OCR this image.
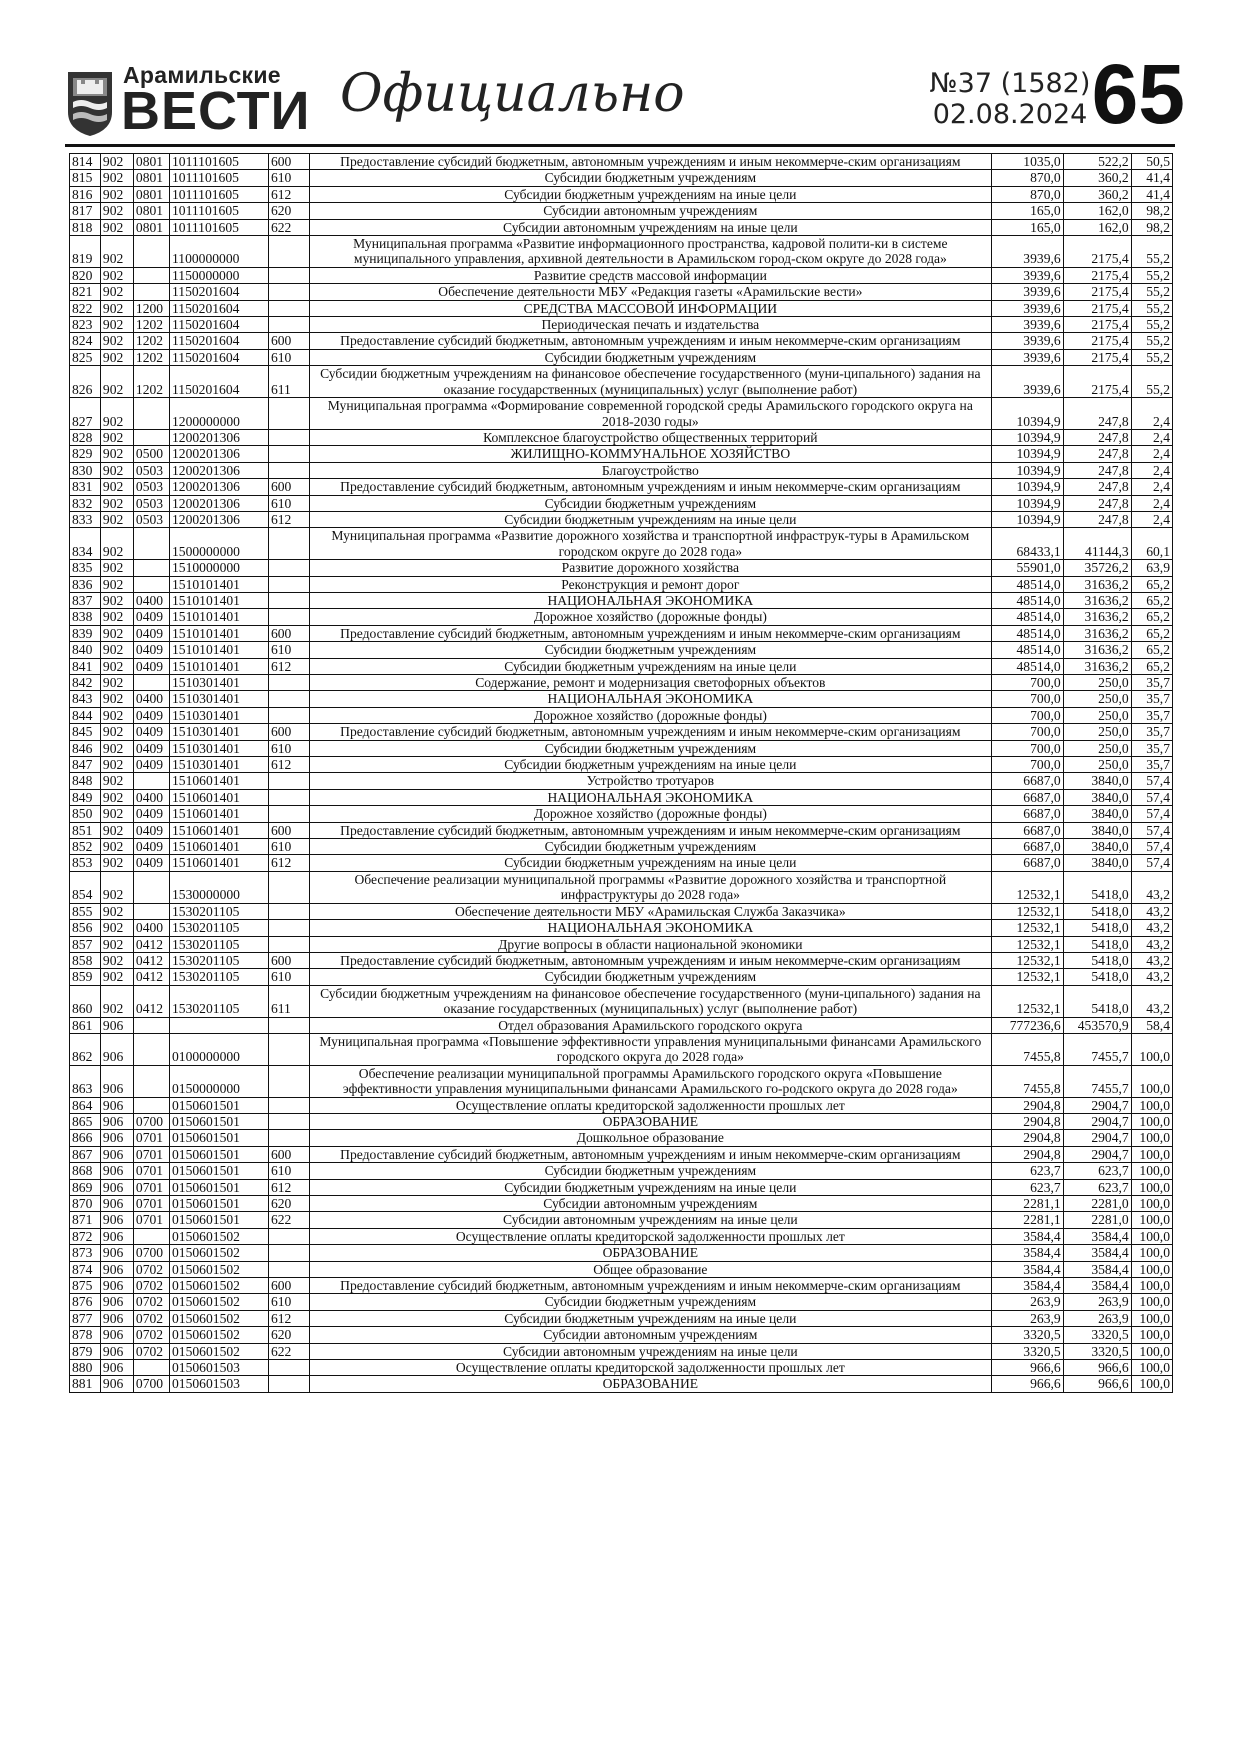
Арамильские
ВЕСТИ Официально	№37 (1582)
02.08.2024 65
814	902	0801	1011101605	600	Предоставление субсидий бюджетным, автономным учреждениям и иным некоммерче-ским организациям	1035,0	522,2	50,5
815	902	0801	1011101605	610	Субсидии бюджетным учреждениям	870,0	360,2	41,4
816	902	0801	1011101605	612	Субсидии бюджетным учреждениям на иные цели	870,0	360,2	41,4
817	902	0801	1011101605	620	Субсидии автономным учреждениям	165,0	162,0	98,2
818	902	0801	1011101605	622	Субсидии автономным учреждениям на иные цели	165,0	162,0	98,2
819	902		1100000000		Муниципальная программа «Развитие информационного пространства, кадровой полити-ки в системе муниципального управления, архивной деятельности в Арамильском город-ском округе до 2028 года»	3939,6	2175,4	55,2
820	902		1150000000		Развитие средств массовой информации	3939,6	2175,4	55,2
821	902		1150201604		Обеспечение деятельности МБУ «Редакция газеты «Арамильские вести»	3939,6	2175,4	55,2
822	902	1200	1150201604		СРЕДСТВА МАССОВОЙ ИНФОРМАЦИИ	3939,6	2175,4	55,2
823	902	1202	1150201604		Периодическая печать и издательства	3939,6	2175,4	55,2
824	902	1202	1150201604	600	Предоставление субсидий бюджетным, автономным учреждениям и иным некоммерче-ским организациям	3939,6	2175,4	55,2
825	902	1202	1150201604	610	Субсидии бюджетным учреждениям	3939,6	2175,4	55,2
826	902	1202	1150201604	611	Субсидии бюджетным учреждениям на финансовое обеспечение государственного (муни-ципального) задания на оказание государственных (муниципальных) услуг (выполнение работ)	3939,6	2175,4	55,2
827	902		1200000000		Муниципальная программа «Формирование современной городской среды Арамильского городского округа на 2018-2030 годы»	10394,9	247,8	2,4
828	902		1200201306		Комплексное благоустройство общественных территорий	10394,9	247,8	2,4
829	902	0500	1200201306		ЖИЛИЩНО-КОММУНАЛЬНОЕ ХОЗЯЙСТВО	10394,9	247,8	2,4
830	902	0503	1200201306		Благоустройство	10394,9	247,8	2,4
831	902	0503	1200201306	600	Предоставление субсидий бюджетным, автономным учреждениям и иным некоммерче-ским организациям	10394,9	247,8	2,4
832	902	0503	1200201306	610	Субсидии бюджетным учреждениям	10394,9	247,8	2,4
833	902	0503	1200201306	612	Субсидии бюджетным учреждениям на иные цели	10394,9	247,8	2,4
834	902		1500000000		Муниципальная программа «Развитие дорожного хозяйства и транспортной инфраструк-туры в Арамильском городском округе до 2028 года»	68433,1	41144,3	60,1
835	902		1510000000		Развитие дорожного хозяйства	55901,0	35726,2	63,9
836	902		1510101401		Реконструкция и ремонт дорог	48514,0	31636,2	65,2
837	902	0400	1510101401		НАЦИОНАЛЬНАЯ ЭКОНОМИКА	48514,0	31636,2	65,2
838	902	0409	1510101401		Дорожное хозяйство (дорожные фонды)	48514,0	31636,2	65,2
839	902	0409	1510101401	600	Предоставление субсидий бюджетным, автономным учреждениям и иным некоммерче-ским организациям	48514,0	31636,2	65,2
840	902	0409	1510101401	610	Субсидии бюджетным учреждениям	48514,0	31636,2	65,2
841	902	0409	1510101401	612	Субсидии бюджетным учреждениям на иные цели	48514,0	31636,2	65,2
842	902		1510301401		Содержание, ремонт и модернизация светофорных объектов	700,0	250,0	35,7
843	902	0400	1510301401		НАЦИОНАЛЬНАЯ ЭКОНОМИКА	700,0	250,0	35,7
844	902	0409	1510301401		Дорожное хозяйство (дорожные фонды)	700,0	250,0	35,7
845	902	0409	1510301401	600	Предоставление субсидий бюджетным, автономным учреждениям и иным некоммерче-ским организациям	700,0	250,0	35,7
846	902	0409	1510301401	610	Субсидии бюджетным учреждениям	700,0	250,0	35,7
847	902	0409	1510301401	612	Субсидии бюджетным учреждениям на иные цели	700,0	250,0	35,7
848	902		1510601401		Устройство тротуаров	6687,0	3840,0	57,4
849	902	0400	1510601401		НАЦИОНАЛЬНАЯ ЭКОНОМИКА	6687,0	3840,0	57,4
850	902	0409	1510601401		Дорожное хозяйство (дорожные фонды)	6687,0	3840,0	57,4
851	902	0409	1510601401	600	Предоставление субсидий бюджетным, автономным учреждениям и иным некоммерче-ским организациям	6687,0	3840,0	57,4
852	902	0409	1510601401	610	Субсидии бюджетным учреждениям	6687,0	3840,0	57,4
853	902	0409	1510601401	612	Субсидии бюджетным учреждениям на иные цели	6687,0	3840,0	57,4
854	902		1530000000		Обеспечение реализации муниципальной программы «Развитие дорожного хозяйства и транспортной инфраструктуры до 2028 года»	12532,1	5418,0	43,2
855	902		1530201105		Обеспечение деятельности МБУ «Арамильская Служба Заказчика»	12532,1	5418,0	43,2
856	902	0400	1530201105		НАЦИОНАЛЬНАЯ ЭКОНОМИКА	12532,1	5418,0	43,2
857	902	0412	1530201105		Другие вопросы в области национальной экономики	12532,1	5418,0	43,2
858	902	0412	1530201105	600	Предоставление субсидий бюджетным, автономным учреждениям и иным некоммерче-ским организациям	12532,1	5418,0	43,2
859	902	0412	1530201105	610	Субсидии бюджетным учреждениям	12532,1	5418,0	43,2
860	902	0412	1530201105	611	Субсидии бюджетным учреждениям на финансовое обеспечение государственного (муни-ципального) задания на оказание государственных (муниципальных) услуг (выполнение работ)	12532,1	5418,0	43,2
861	906				Отдел образования Арамильского городского округа	777236,6	453570,9	58,4
862	906		0100000000		Муниципальная программа «Повышение эффективности управления муниципальными финансами Арамильского городского округа до 2028 года»	7455,8	7455,7	100,0
863	906		0150000000		Обеспечение реализации муниципальной программы Арамильского городского округа «Повышение эффективности управления муниципальными финансами Арамильского го-родского округа до 2028 года»	7455,8	7455,7	100,0
864	906		0150601501		Осуществление оплаты кредиторской задолженности прошлых лет	2904,8	2904,7	100,0
865	906	0700	0150601501		ОБРАЗОВАНИЕ	2904,8	2904,7	100,0
866	906	0701	0150601501		Дошкольное образование	2904,8	2904,7	100,0
867	906	0701	0150601501	600	Предоставление субсидий бюджетным, автономным учреждениям и иным некоммерче-ским организациям	2904,8	2904,7	100,0
868	906	0701	0150601501	610	Субсидии бюджетным учреждениям	623,7	623,7	100,0
869	906	0701	0150601501	612	Субсидии бюджетным учреждениям на иные цели	623,7	623,7	100,0
870	906	0701	0150601501	620	Субсидии автономным учреждениям	2281,1	2281,0	100,0
871	906	0701	0150601501	622	Субсидии автономным учреждениям на иные цели	2281,1	2281,0	100,0
872	906		0150601502		Осуществление оплаты кредиторской задолженности прошлых лет	3584,4	3584,4	100,0
873	906	0700	0150601502		ОБРАЗОВАНИЕ	3584,4	3584,4	100,0
874	906	0702	0150601502		Общее образование	3584,4	3584,4	100,0
875	906	0702	0150601502	600	Предоставление субсидий бюджетным, автономным учреждениям и иным некоммерче-ским организациям	3584,4	3584,4	100,0
876	906	0702	0150601502	610	Субсидии бюджетным учреждениям	263,9	263,9	100,0
877	906	0702	0150601502	612	Субсидии бюджетным учреждениям на иные цели	263,9	263,9	100,0
878	906	0702	0150601502	620	Субсидии автономным учреждениям	3320,5	3320,5	100,0
879	906	0702	0150601502	622	Субсидии автономным учреждениям на иные цели	3320,5	3320,5	100,0
880	906		0150601503		Осуществление оплаты кредиторской задолженности прошлых лет	966,6	966,6	100,0
881	906	0700	0150601503		ОБРАЗОВАНИЕ	966,6	966,6	100,0
